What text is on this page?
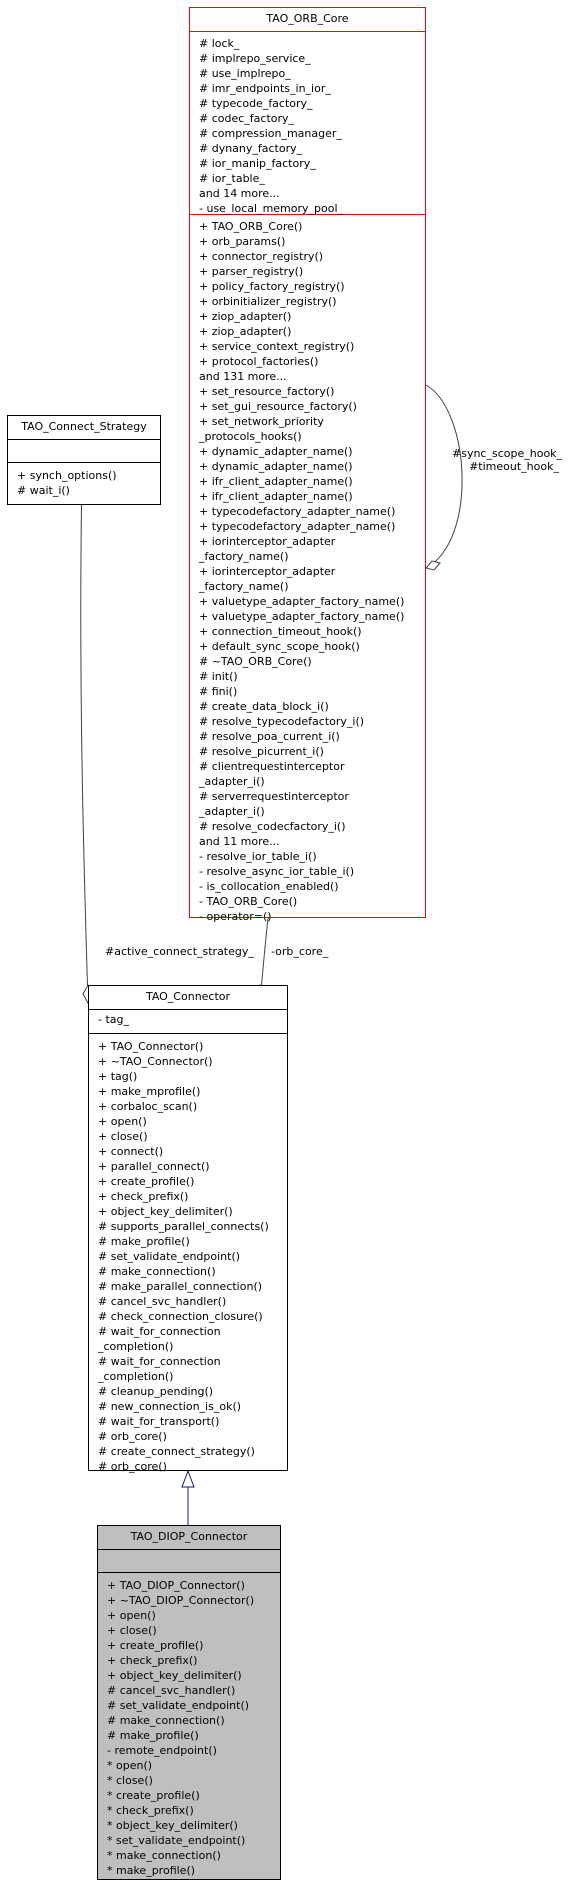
#sync_scope_hook_
#timeout_hook_
#active_connect_strategy_ -orb_core_
TAO_ORB_Core
# lock_
# implrepo_service_
# use_implrepo_
# imr_endpoints_in_ior_
# typecode_factory_
# codec_factory_
# compression_manager_
# dynany_factory_
# ior_manip_factory_
# ior_table_
and 14 more...
- use_local_memory_pool_
+ TAO_ORB_Core()
+ orb_params()
+ connector_registry()
+ parser_registry()
+ policy_factory_registry()
+ orbinitializer_registry()
+ ziop_adapter()
+ ziop_adapter()
+ service_context_registry()
+ protocol_factories()
and 131 more...
+ set_resource_factory()
+ set_gui_resource_factory()
+ set_network_priority
_protocols_hooks()
+ dynamic_adapter_name()
+ dynamic_adapter_name()
+ ifr_client_adapter_name()
+ ifr_client_adapter_name()
+ typecodefactory_adapter_name()
+ typecodefactory_adapter_name()
+ iorinterceptor_adapter
_factory_name()
+ iorinterceptor_adapter
_factory_name()
+ valuetype_adapter_factory_name()
+ valuetype_adapter_factory_name()
+ connection_timeout_hook()
+ default_sync_scope_hook()
# ~TAO_ORB_Core()
# init()
# fini()
# create_data_block_i()
# resolve_typecodefactory_i()
# resolve_poa_current_i()
# resolve_picurrent_i()
# clientrequestinterceptor
_adapter_i()
# serverrequestinterceptor
_adapter_i()
# resolve_codecfactory_i()
and 11 more...
- resolve_ior_table_i()
- resolve_async_ior_table_i()
- is_collocation_enabled()
- TAO_ORB_Core()
- operator=()
TAO_Connect_Strategy
+ synch_options()
# wait_i()
TAO_Connector
- tag_
+ TAO_Connector()
+ ~TAO_Connector()
+ tag()
+ make_mprofile()
+ corbaloc_scan()
+ open()
+ close()
+ connect()
+ parallel_connect()
+ create_profile()
+ check_prefix()
+ object_key_delimiter()
# supports_parallel_connects()
# make_profile()
# set_validate_endpoint()
# make_connection()
# make_parallel_connection()
# cancel_svc_handler()
# check_connection_closure()
# wait_for_connection
_completion()
# wait_for_connection
_completion()
# cleanup_pending()
# new_connection_is_ok()
# wait_for_transport()
# orb_core()
# create_connect_strategy()
# orb_core()
TAO_DIOP_Connector
+ TAO_DIOP_Connector()
+ ~TAO_DIOP_Connector()
+ open()
+ close()
+ create_profile()
+ check_prefix()
+ object_key_delimiter()
# cancel_svc_handler()
# set_validate_endpoint()
# make_connection()
# make_profile()
- remote_endpoint()
* open()
* close()
* create_profile()
* check_prefix()
* object_key_delimiter()
* set_validate_endpoint()
* make_connection()
* make_profile()
